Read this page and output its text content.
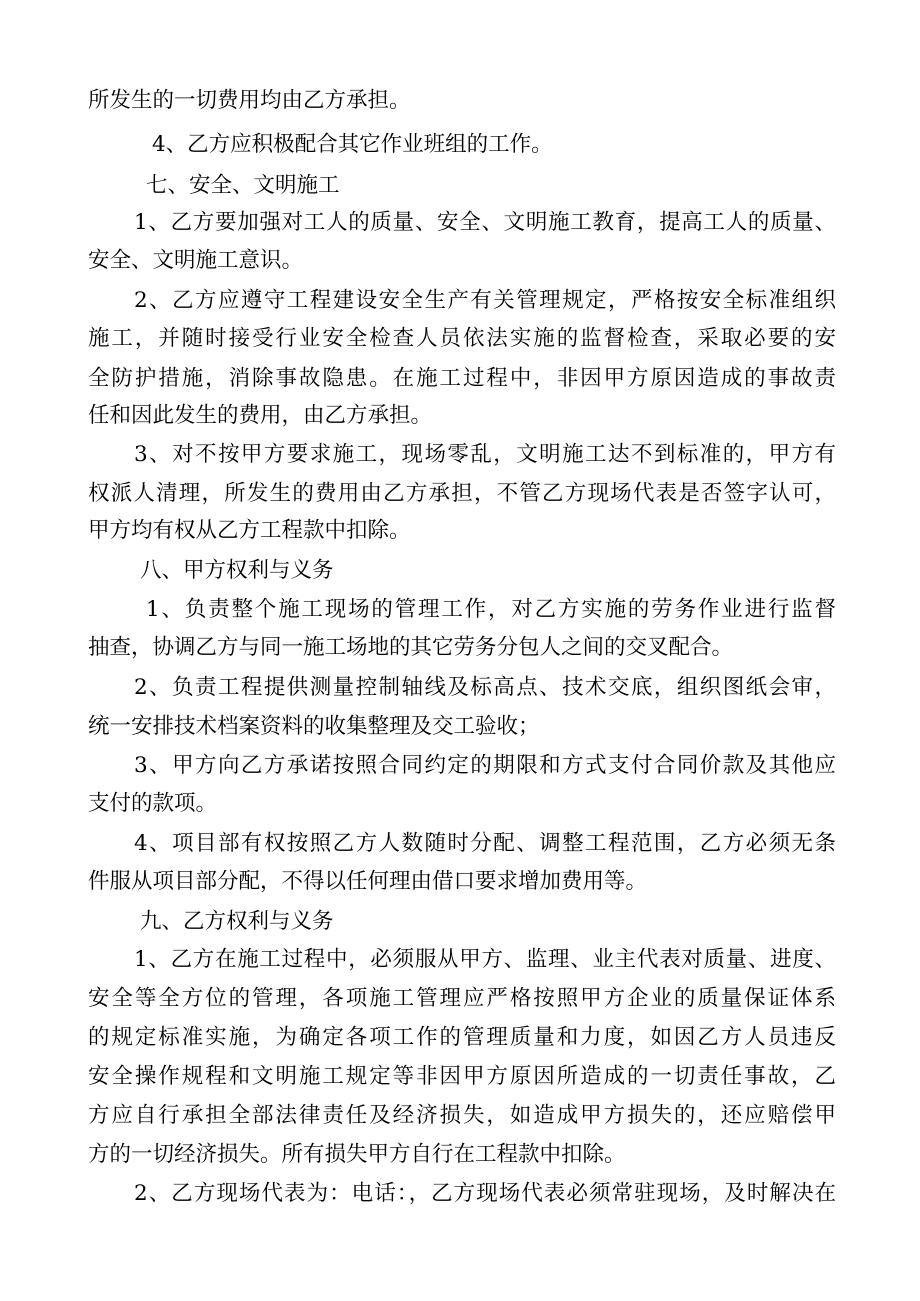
所发生的一切费用均由乙方承担。
4、乙方应积极配合其它作业班组的工作。
七、安全、文明施工
1、乙方要加强对工人的质量、安全、文明施工教育，提高工人的质量、
安全、文明施工意识。
2、乙方应遵守工程建设安全生产有关管理规定，严格按安全标准组织
施工，并随时接受行业安全检查人员依法实施的监督检查，采取必要的安
全防护措施，消除事故隐患。在施工过程中，非因甲方原因造成的事故责
任和因此发生的费用，由乙方承担。
3、对不按甲方要求施工，现场零乱，文明施工达不到标准的，甲方有
权派人清理，所发生的费用由乙方承担，不管乙方现场代表是否签字认可，
甲方均有权从乙方工程款中扣除。
八、甲方权利与义务
1、负责整个施工现场的管理工作，对乙方实施的劳务作业进行监督
抽查，协调乙方与同一施工场地的其它劳务分包人之间的交叉配合。
2、负责工程提供测量控制轴线及标高点、技术交底，组织图纸会审，
统一安排技术档案资料的收集整理及交工验收；
3、甲方向乙方承诺按照合同约定的期限和方式支付合同价款及其他应
支付的款项。
4、项目部有权按照乙方人数随时分配、调整工程范围，乙方必须无条
件服从项目部分配，不得以任何理由借口要求增加费用等。
九、乙方权利与义务
1、乙方在施工过程中，必须服从甲方、监理、业主代表对质量、进度、
安全等全方位的管理，各项施工管理应严格按照甲方企业的质量保证体系
的规定标准实施，为确定各项工作的管理质量和力度，如因乙方人员违反
安全操作规程和文明施工规定等非因甲方原因所造成的一切责任事故，乙
方应自行承担全部法律责任及经济损失，如造成甲方损失的，还应赔偿甲
方的一切经济损失。所有损失甲方自行在工程款中扣除。
2、乙方现场代表为：电话：，乙方现场代表必须常驻现场，及时解决在
